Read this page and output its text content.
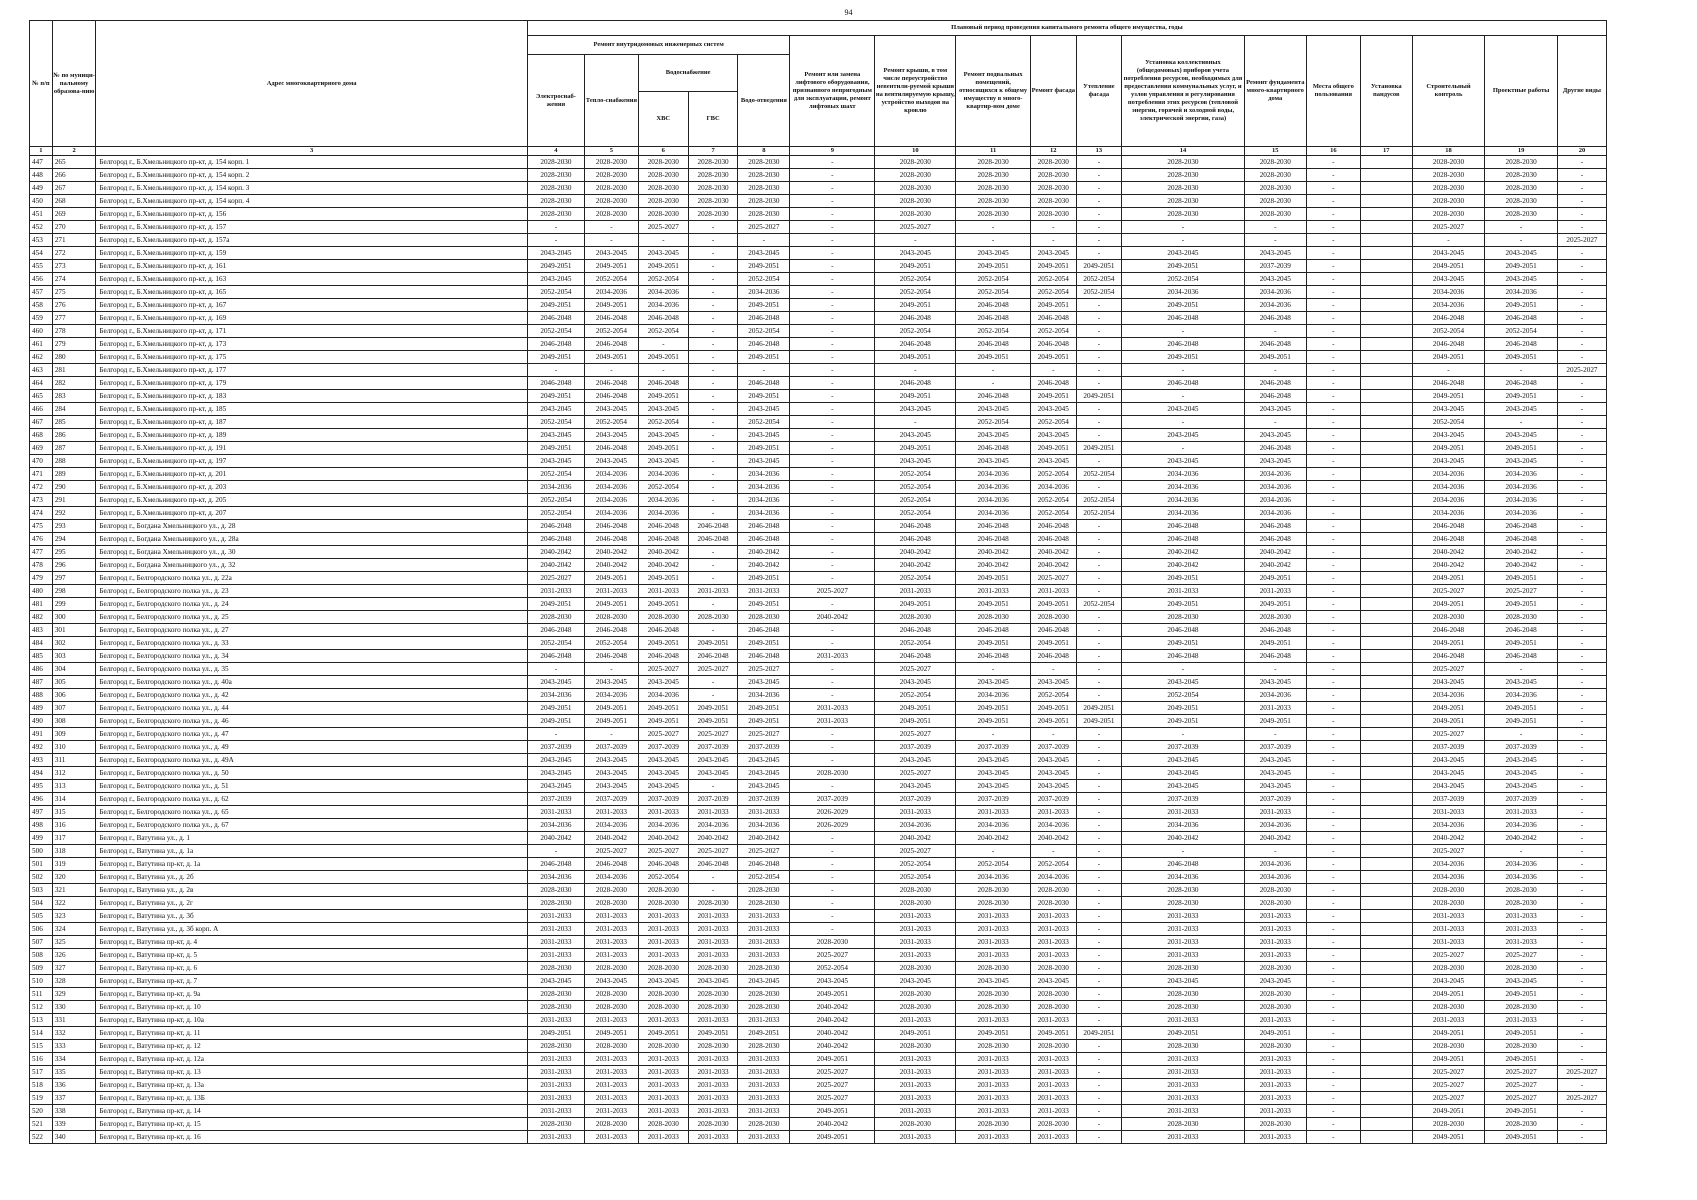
94
№ п/п	№ по муници-пальному образова-нию	Адрес многоквартирного дома	Плановый период проведения капитального ремонта общего имущества, годы																
			Ремонт внутридомовых инженерных систем					Ремонт или замена лифтового оборудования, признанного непригодным для эксплуатации, ремонт лифтовых шахт	Ремонт крыши, в том числе переустройство невентили-руемой крыши на вентилируемую крышу, устройство выходов на кровлю	Ремонт подвальных помещений, относящихся к общему имуществу в много-квартир-ном доме	Ремонт фасада	Утепление фасада	Установка коллективных (общедомовых) приборов учета потребления ресурсов, необходимых для предоставления коммунальных услуг, и узлов управления и регулирования потребления этих ресурсов (тепловой энергии, горячей и холодной воды, электрической энергии, газа)	Ремонт фундамента много-квартирного дома	Места общего пользования	Установка пандусов	Строительный контроль	Проектные работы	Другие виды
			Электроснаб-жения	Тепло-снабжения	Водоснабжение		Водо-отведения												
					ХВС	ГВС													
1	2	3	4	5	6	7	8	9	10	11	12	13	14	15	16	17	18	19	20
447	265	Белгород г., Б.Хмельницкого пр-кт, д. 154 корп. 1	2028-2030	2028-2030	2028-2030	2028-2030	2028-2030	-	2028-2030	2028-2030	2028-2030	-	2028-2030	2028-2030	-		2028-2030	2028-2030	-
448	266	Белгород г., Б.Хмельницкого пр-кт, д. 154 корп. 2	2028-2030	2028-2030	2028-2030	2028-2030	2028-2030	-	2028-2030	2028-2030	2028-2030	-	2028-2030	2028-2030	-		2028-2030	2028-2030	-
449	267	Белгород г., Б.Хмельницкого пр-кт, д. 154 корп. 3	2028-2030	2028-2030	2028-2030	2028-2030	2028-2030	-	2028-2030	2028-2030	2028-2030	-	2028-2030	2028-2030	-		2028-2030	2028-2030	-
450	268	Белгород г., Б.Хмельницкого пр-кт, д. 154 корп. 4	2028-2030	2028-2030	2028-2030	2028-2030	2028-2030	-	2028-2030	2028-2030	2028-2030	-	2028-2030	2028-2030	-		2028-2030	2028-2030	-
451	269	Белгород г., Б.Хмельницкого пр-кт, д. 156	2028-2030	2028-2030	2028-2030	2028-2030	2028-2030	-	2028-2030	2028-2030	2028-2030	-	2028-2030	2028-2030	-		2028-2030	2028-2030	-
452	270	Белгород г., Б.Хмельницкого пр-кт, д. 157	-	-	2025-2027	-	2025-2027	-	2025-2027	-	-	-	-	-	-		2025-2027	-	-
453	271	Белгород г., Б.Хмельницкого пр-кт, д. 157а	-	-	-	-	-	-	-	-	-	-	-	-	-		-	-	2025-2027
454	272	Белгород г., Б.Хмельницкого пр-кт, д. 159	2043-2045	2043-2045	2043-2045	-	2043-2045	-	2043-2045	2043-2045	2043-2045	-	2043-2045	2043-2045	-		2043-2045	2043-2045	-
455	273	Белгород г., Б.Хмельницкого пр-кт, д. 161	2049-2051	2049-2051	2049-2051	-	2049-2051	-	2049-2051	2049-2051	2049-2051	2049-2051	2049-2051	2037-2039	-		2049-2051	2049-2051	-
456	274	Белгород г., Б.Хмельницкого пр-кт, д. 163	2043-2045	2052-2054	2052-2054	-	2052-2054	-	2052-2054	2052-2054	2052-2054	2052-2054	2052-2054	2043-2045	-		2043-2045	2043-2045	-
457	275	Белгород г., Б.Хмельницкого пр-кт, д. 165	2052-2054	2034-2036	2034-2036	-	2034-2036	-	2052-2054	2052-2054	2052-2054	2052-2054	2034-2036	2034-2036	-		2034-2036	2034-2036	-
458	276	Белгород г., Б.Хмельницкого пр-кт, д. 167	2049-2051	2049-2051	2034-2036	-	2049-2051	-	2049-2051	2046-2048	2049-2051	-	2049-2051	2034-2036	-		2034-2036	2049-2051	-
459	277	Белгород г., Б.Хмельницкого пр-кт, д. 169	2046-2048	2046-2048	2046-2048	-	2046-2048	-	2046-2048	2046-2048	2046-2048	-	2046-2048	2046-2048	-		2046-2048	2046-2048	-
460	278	Белгород г., Б.Хмельницкого пр-кт, д. 171	2052-2054	2052-2054	2052-2054	-	2052-2054	-	2052-2054	2052-2054	2052-2054	-	-	-	-		2052-2054	2052-2054	-
461	279	Белгород г., Б.Хмельницкого пр-кт, д. 173	2046-2048	2046-2048	-	-	2046-2048	-	2046-2048	2046-2048	2046-2048	-	2046-2048	2046-2048	-		2046-2048	2046-2048	-
462	280	Белгород г., Б.Хмельницкого пр-кт, д. 175	2049-2051	2049-2051	2049-2051	-	2049-2051	-	2049-2051	2049-2051	2049-2051	-	2049-2051	2049-2051	-		2049-2051	2049-2051	-
463	281	Белгород г., Б.Хмельницкого пр-кт, д. 177	-	-	-	-	-	-	-	-	-	-	-	-	-		-	-	2025-2027
464	282	Белгород г., Б.Хмельницкого пр-кт, д. 179	2046-2048	2046-2048	2046-2048	-	2046-2048	-	2046-2048	-	2046-2048	-	2046-2048	2046-2048	-		2046-2048	2046-2048	-
465	283	Белгород г., Б.Хмельницкого пр-кт, д. 183	2049-2051	2046-2048	2049-2051	-	2049-2051	-	2049-2051	2046-2048	2049-2051	2049-2051	-	2046-2048	-		2049-2051	2049-2051	-
466	284	Белгород г., Б.Хмельницкого пр-кт, д. 185	2043-2045	2043-2045	2043-2045	-	2043-2045	-	2043-2045	2043-2045	2043-2045	-	2043-2045	2043-2045	-		2043-2045	2043-2045	-
467	285	Белгород г., Б.Хмельницкого пр-кт, д. 187	2052-2054	2052-2054	2052-2054	-	2052-2054	-	-	2052-2054	2052-2054	-	-	-	-		2052-2054	-	-
468	286	Белгород г., Б.Хмельницкого пр-кт, д. 189	2043-2045	2043-2045	2043-2045	-	2043-2045	-	2043-2045	2043-2045	2043-2045	-	2043-2045	2043-2045	-		2043-2045	2043-2045	-
469	287	Белгород г., Б.Хмельницкого пр-кт, д. 191	2049-2051	2046-2048	2049-2051	-	2049-2051	-	2049-2051	2046-2048	2049-2051	2049-2051	-	2046-2048	-		2049-2051	2049-2051	-
470	288	Белгород г., Б.Хмельницкого пр-кт, д. 197	2043-2045	2043-2045	2043-2045	-	2043-2045	-	2043-2045	2043-2045	2043-2045	-	2043-2045	2043-2045	-		2043-2045	2043-2045	-
471	289	Белгород г., Б.Хмельницкого пр-кт, д. 201	2052-2054	2034-2036	2034-2036	-	2034-2036	-	2052-2054	2034-2036	2052-2054	2052-2054	2034-2036	2034-2036	-		2034-2036	2034-2036	-
472	290	Белгород г., Б.Хмельницкого пр-кт, д. 203	2034-2036	2034-2036	2052-2054	-	2034-2036	-	2052-2054	2034-2036	2034-2036	-	2034-2036	2034-2036	-		2034-2036	2034-2036	-
473	291	Белгород г., Б.Хмельницкого пр-кт, д. 205	2052-2054	2034-2036	2034-2036	-	2034-2036	-	2052-2054	2034-2036	2052-2054	2052-2054	2034-2036	2034-2036	-		2034-2036	2034-2036	-
474	292	Белгород г., Б.Хмельницкого пр-кт, д. 207	2052-2054	2034-2036	2034-2036	-	2034-2036	-	2052-2054	2034-2036	2052-2054	2052-2054	2034-2036	2034-2036	-		2034-2036	2034-2036	-
475	293	Белгород г., Богдана Хмельницкого ул., д. 28	2046-2048	2046-2048	2046-2048	2046-2048	2046-2048	-	2046-2048	2046-2048	2046-2048	-	2046-2048	2046-2048	-		2046-2048	2046-2048	-
476	294	Белгород г., Богдана Хмельницкого ул., д. 28а	2046-2048	2046-2048	2046-2048	2046-2048	2046-2048	-	2046-2048	2046-2048	2046-2048	-	2046-2048	2046-2048	-		2046-2048	2046-2048	-
477	295	Белгород г., Богдана Хмельницкого ул., д. 30	2040-2042	2040-2042	2040-2042	-	2040-2042	-	2040-2042	2040-2042	2040-2042	-	2040-2042	2040-2042	-		2040-2042	2040-2042	-
478	296	Белгород г., Богдана Хмельницкого ул., д. 32	2040-2042	2040-2042	2040-2042	-	2040-2042	-	2040-2042	2040-2042	2040-2042	-	2040-2042	2040-2042	-		2040-2042	2040-2042	-
479	297	Белгород г., Белгородского полка ул., д. 22а	2025-2027	2049-2051	2049-2051	-	2049-2051	-	2052-2054	2049-2051	2025-2027	-	2049-2051	2049-2051	-		2049-2051	2049-2051	-
480	298	Белгород г., Белгородского полка ул., д. 23	2031-2033	2031-2033	2031-2033	2031-2033	2031-2033	2025-2027	2031-2033	2031-2033	2031-2033	-	2031-2033	2031-2033	-		2025-2027	2025-2027	-
481	299	Белгород г., Белгородского полка ул., д. 24	2049-2051	2049-2051	2049-2051	-	2049-2051	-	2049-2051	2049-2051	2049-2051	2052-2054	2049-2051	2049-2051	-		2049-2051	2049-2051	-
482	300	Белгород г., Белгородского полка ул., д. 25	2028-2030	2028-2030	2028-2030	2028-2030	2028-2030	2040-2042	2028-2030	2028-2030	2028-2030	-	2028-2030	2028-2030	-		2028-2030	2028-2030	-
483	301	Белгород г., Белгородского полка ул., д. 27	2046-2048	2046-2048	2046-2048	-	2046-2048	-	2046-2048	2046-2048	2046-2048	-	2046-2048	2046-2048	-		2046-2048	2046-2048	-
484	302	Белгород г., Белгородского полка ул., д. 33	2052-2054	2052-2054	2049-2051	2049-2051	2049-2051	-	2052-2054	2049-2051	2049-2051	-	2049-2051	2049-2051	-		2049-2051	2049-2051	-
485	303	Белгород г., Белгородского полка ул., д. 34	2046-2048	2046-2048	2046-2048	2046-2048	2046-2048	2031-2033	2046-2048	2046-2048	2046-2048	-	2046-2048	2046-2048	-		2046-2048	2046-2048	-
486	304	Белгород г., Белгородского полка ул., д. 35	-	-	2025-2027	2025-2027	2025-2027	-	2025-2027	-	-	-	-	-	-		2025-2027	-	-
487	305	Белгород г., Белгородского полка ул., д. 40а	2043-2045	2043-2045	2043-2045	-	2043-2045	-	2043-2045	2043-2045	2043-2045	-	2043-2045	2043-2045	-		2043-2045	2043-2045	-
488	306	Белгород г., Белгородского полка ул., д. 42	2034-2036	2034-2036	2034-2036	-	2034-2036	-	2052-2054	2034-2036	2052-2054	-	2052-2054	2034-2036	-		2034-2036	2034-2036	-
489	307	Белгород г., Белгородского полка ул., д. 44	2049-2051	2049-2051	2049-2051	2049-2051	2049-2051	2031-2033	2049-2051	2049-2051	2049-2051	2049-2051	2049-2051	2031-2033	-		2049-2051	2049-2051	-
490	308	Белгород г., Белгородского полка ул., д. 46	2049-2051	2049-2051	2049-2051	2049-2051	2049-2051	2031-2033	2049-2051	2049-2051	2049-2051	2049-2051	2049-2051	2049-2051	-		2049-2051	2049-2051	-
491	309	Белгород г., Белгородского полка ул., д. 47	-	-	2025-2027	2025-2027	2025-2027	-	2025-2027	-	-	-	-	-	-		2025-2027	-	-
492	310	Белгород г., Белгородского полка ул., д. 49	2037-2039	2037-2039	2037-2039	2037-2039	2037-2039	-	2037-2039	2037-2039	2037-2039	-	2037-2039	2037-2039	-		2037-2039	2037-2039	-
493	311	Белгород г., Белгородского полка ул., д. 49А	2043-2045	2043-2045	2043-2045	2043-2045	2043-2045	-	2043-2045	2043-2045	2043-2045	-	2043-2045	2043-2045	-		2043-2045	2043-2045	-
494	312	Белгород г., Белгородского полка ул., д. 50	2043-2045	2043-2045	2043-2045	2043-2045	2043-2045	2028-2030	2025-2027	2043-2045	2043-2045	-	2043-2045	2043-2045	-		2043-2045	2043-2045	-
495	313	Белгород г., Белгородского полка ул., д. 51	2043-2045	2043-2045	2043-2045	-	2043-2045	-	2043-2045	2043-2045	2043-2045	-	2043-2045	2043-2045	-		2043-2045	2043-2045	-
496	314	Белгород г., Белгородского полка ул., д. 62	2037-2039	2037-2039	2037-2039	2037-2039	2037-2039	2037-2039	2037-2039	2037-2039	2037-2039	-	2037-2039	2037-2039	-		2037-2039	2037-2039	-
497	315	Белгород г., Белгородского полка ул., д. 65	2031-2033	2031-2033	2031-2033	2031-2033	2031-2033	2026-2029	2031-2033	2031-2033	2031-2033	-	2031-2033	2031-2033	-		2031-2033	2031-2033	-
498	316	Белгород г., Белгородского полка ул., д. 67	2034-2036	2034-2036	2034-2036	2034-2036	2034-2036	2026-2029	2034-2036	2034-2036	2034-2036	-	2034-2036	2034-2036	-		2034-2036	2034-2036	-
499	317	Белгород г., Ватутина ул., д. 1	2040-2042	2040-2042	2040-2042	2040-2042	2040-2042	-	2040-2042	2040-2042	2040-2042	-	2040-2042	2040-2042	-		2040-2042	2040-2042	-
500	318	Белгород г., Ватутина ул., д. 1а	-	2025-2027	2025-2027	2025-2027	2025-2027	-	2025-2027	-	-	-	-	-	-		2025-2027	-	-
501	319	Белгород г., Ватутина пр-кт, д. 1а	2046-2048	2046-2048	2046-2048	2046-2048	2046-2048	-	2052-2054	2052-2054	2052-2054	-	2046-2048	2034-2036	-		2034-2036	2034-2036	-
502	320	Белгород г., Ватутина ул., д. 2б	2034-2036	2034-2036	2052-2054	-	2052-2054	-	2052-2054	2034-2036	2034-2036	-	2034-2036	2034-2036	-		2034-2036	2034-2036	-
503	321	Белгород г., Ватутина ул., д. 2в	2028-2030	2028-2030	2028-2030	-	2028-2030	-	2028-2030	2028-2030	2028-2030	-	2028-2030	2028-2030	-		2028-2030	2028-2030	-
504	322	Белгород г., Ватутина ул., д. 2г	2028-2030	2028-2030	2028-2030	2028-2030	2028-2030	-	2028-2030	2028-2030	2028-2030	-	2028-2030	2028-2030	-		2028-2030	2028-2030	-
505	323	Белгород г., Ватутина ул., д. 3б	2031-2033	2031-2033	2031-2033	2031-2033	2031-2033	-	2031-2033	2031-2033	2031-2033	-	2031-2033	2031-2033	-		2031-2033	2031-2033	-
506	324	Белгород г., Ватутина ул., д. 3б корп. А	2031-2033	2031-2033	2031-2033	2031-2033	2031-2033	-	2031-2033	2031-2033	2031-2033	-	2031-2033	2031-2033	-		2031-2033	2031-2033	-
507	325	Белгород г., Ватутина пр-кт, д. 4	2031-2033	2031-2033	2031-2033	2031-2033	2031-2033	2028-2030	2031-2033	2031-2033	2031-2033	-	2031-2033	2031-2033	-		2031-2033	2031-2033	-
508	326	Белгород г., Ватутина пр-кт, д. 5	2031-2033	2031-2033	2031-2033	2031-2033	2031-2033	2025-2027	2031-2033	2031-2033	2031-2033	-	2031-2033	2031-2033	-		2025-2027	2025-2027	-
509	327	Белгород г., Ватутина пр-кт, д. 6	2028-2030	2028-2030	2028-2030	2028-2030	2028-2030	2052-2054	2028-2030	2028-2030	2028-2030	-	2028-2030	2028-2030	-		2028-2030	2028-2030	-
510	328	Белгород г., Ватутина пр-кт, д. 7	2043-2045	2043-2045	2043-2045	2043-2045	2043-2045	2043-2045	2043-2045	2043-2045	2043-2045	-	2043-2045	2043-2045	-		2043-2045	2043-2045	-
511	329	Белгород г., Ватутина пр-кт, д. 9а	2028-2030	2028-2030	2028-2030	2028-2030	2028-2030	2049-2051	2028-2030	2028-2030	2028-2030	-	2028-2030	2028-2030	-		2049-2051	2049-2051	-
512	330	Белгород г., Ватутина пр-кт, д. 10	2028-2030	2028-2030	2028-2030	2028-2030	2028-2030	2040-2042	2028-2030	2028-2030	2028-2030	-	2028-2030	2028-2030	-		2028-2030	2028-2030	-
513	331	Белгород г., Ватутина пр-кт, д. 10а	2031-2033	2031-2033	2031-2033	2031-2033	2031-2033	2040-2042	2031-2033	2031-2033	2031-2033	-	2031-2033	2031-2033	-		2031-2033	2031-2033	-
514	332	Белгород г., Ватутина пр-кт, д. 11	2049-2051	2049-2051	2049-2051	2049-2051	2049-2051	2040-2042	2049-2051	2049-2051	2049-2051	2049-2051	2049-2051	2049-2051	-		2049-2051	2049-2051	-
515	333	Белгород г., Ватутина пр-кт, д. 12	2028-2030	2028-2030	2028-2030	2028-2030	2028-2030	2040-2042	2028-2030	2028-2030	2028-2030	-	2028-2030	2028-2030	-		2028-2030	2028-2030	-
516	334	Белгород г., Ватутина пр-кт, д. 12а	2031-2033	2031-2033	2031-2033	2031-2033	2031-2033	2049-2051	2031-2033	2031-2033	2031-2033	-	2031-2033	2031-2033	-		2049-2051	2049-2051	-
517	335	Белгород г., Ватутина пр-кт, д. 13	2031-2033	2031-2033	2031-2033	2031-2033	2031-2033	2025-2027	2031-2033	2031-2033	2031-2033	-	2031-2033	2031-2033	-		2025-2027	2025-2027	2025-2027
518	336	Белгород г., Ватутина пр-кт, д. 13а	2031-2033	2031-2033	2031-2033	2031-2033	2031-2033	2025-2027	2031-2033	2031-2033	2031-2033	-	2031-2033	2031-2033	-		2025-2027	2025-2027	-
519	337	Белгород г., Ватутина пр-кт, д. 13Б	2031-2033	2031-2033	2031-2033	2031-2033	2031-2033	2025-2027	2031-2033	2031-2033	2031-2033	-	2031-2033	2031-2033	-		2025-2027	2025-2027	2025-2027
520	338	Белгород г., Ватутина пр-кт, д. 14	2031-2033	2031-2033	2031-2033	2031-2033	2031-2033	2049-2051	2031-2033	2031-2033	2031-2033	-	2031-2033	2031-2033	-		2049-2051	2049-2051	-
521	339	Белгород г., Ватутина пр-кт, д. 15	2028-2030	2028-2030	2028-2030	2028-2030	2028-2030	2040-2042	2028-2030	2028-2030	2028-2030	-	2028-2030	2028-2030	-		2028-2030	2028-2030	-
522	340	Белгород г., Ватутина пр-кт, д. 16	2031-2033	2031-2033	2031-2033	2031-2033	2031-2033	2049-2051	2031-2033	2031-2033	2031-2033	-	2031-2033	2031-2033	-		2049-2051	2049-2051	-
